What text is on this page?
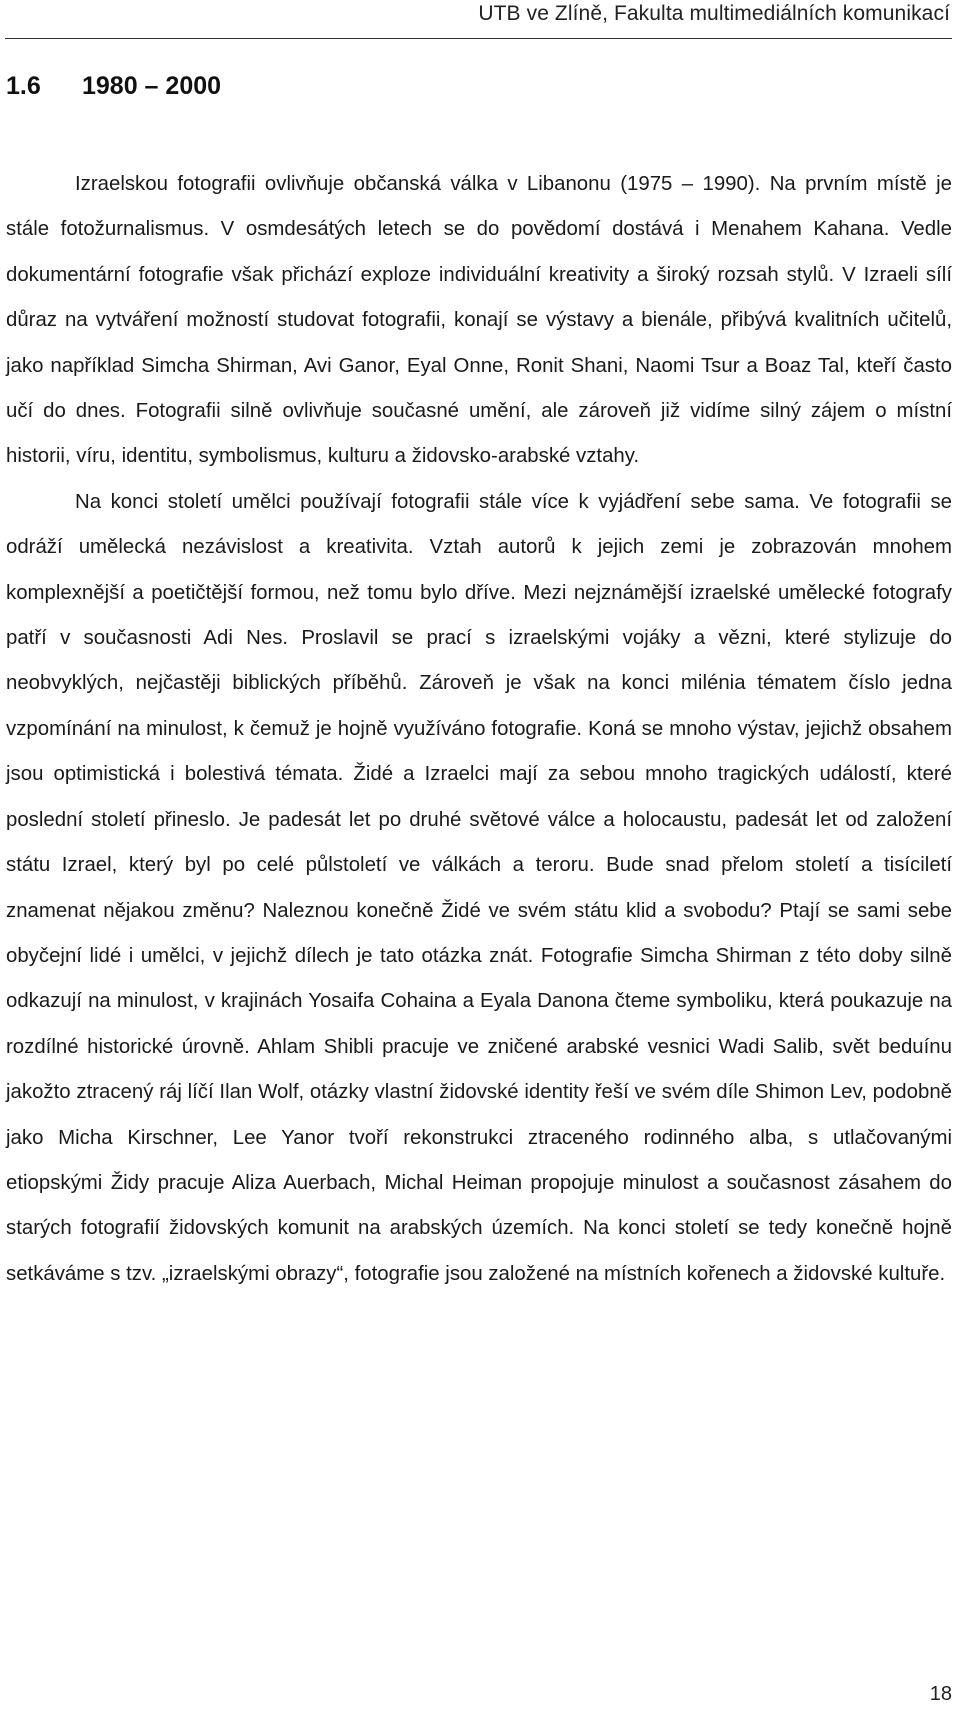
UTB ve Zlíně, Fakulta multimediálních komunikací
1.6 1980 – 2000

Izraelskou fotografii ovlivňuje občanská válka v Libanonu (1975 – 1990). Na prvním místě je stále fotožurnalismus. V osmdesátých letech se do povědomí dostává i Menahem Kahana. Vedle dokumentární fotografie však přichází exploze individuální kreativity a široký rozsah stylů. V Izraeli sílí důraz na vytváření možností studovat fotografii, konají se výstavy a bienále, přibývá kvalitních učitelů, jako například Simcha Shirman, Avi Ganor, Eyal Onne, Ronit Shani, Naomi Tsur a Boaz Tal, kteří často učí do dnes. Fotografii silně ovlivňuje současné umění, ale zároveň již vidíme silný zájem o místní historii, víru, identitu, symbolismus, kulturu a židovsko-arabské vztahy.

Na konci století umělci používají fotografii stále více k vyjádření sebe sama. Ve fotografii se odráží umělecká nezávislost a kreativita. Vztah autorů k jejich zemi je zobrazován mnohem komplexnější a poetičtější formou, než tomu bylo dříve. Mezi nejznámější izraelské umělecké fotografy patří v současnosti Adi Nes. Proslavil se prací s izraelskými vojáky a vězni, které stylizuje do neobvyklých, nejčastěji biblických příběhů. Zároveň je však na konci milénia tématem číslo jedna vzpomínání na minulost, k čemuž je hojně využíváno fotografie. Koná se mnoho výstav, jejichž obsahem jsou optimistická i bolestivá témata. Židé a Izraelci mají za sebou mnoho tragických událostí, které poslední století přineslo. Je padesát let po druhé světové válce a holocaustu, padesát let od založení státu Izrael, který byl po celé půlstoletí ve válkách a teroru. Bude snad přelom století a tisíciletí znamenat nějakou změnu? Naleznou konečně Židé ve svém státu klid a svobodu? Ptají se sami sebe obyčejní lidé i umělci, v jejichž dílech je tato otázka znát. Fotografie Simcha Shirman z této doby silně odkazují na minulost, v krajinách Yosaifa Cohaina a Eyala Danona čteme symboliku, která poukazuje na rozdílné historické úrovně. Ahlam Shibli pracuje ve zničené arabské vesnici Wadi Salib, svět beduínu jakožto ztracený ráj líčí Ilan Wolf, otázky vlastní židovské identity řeší ve svém díle Shimon Lev, podobně jako Micha Kirschner, Lee Yanor tvoří rekonstrukci ztraceného rodinného alba, s utlačovanými etiopskými Židy pracuje Aliza Auerbach, Michal Heiman propojuje minulost a současnost zásahem do starých fotografií židovských komunit na arabských územích. Na konci století se tedy konečně hojně setkáváme s tzv. „izraelskými obrazy“, fotografie jsou založené na místních kořenech a židovské kultuře.

18
